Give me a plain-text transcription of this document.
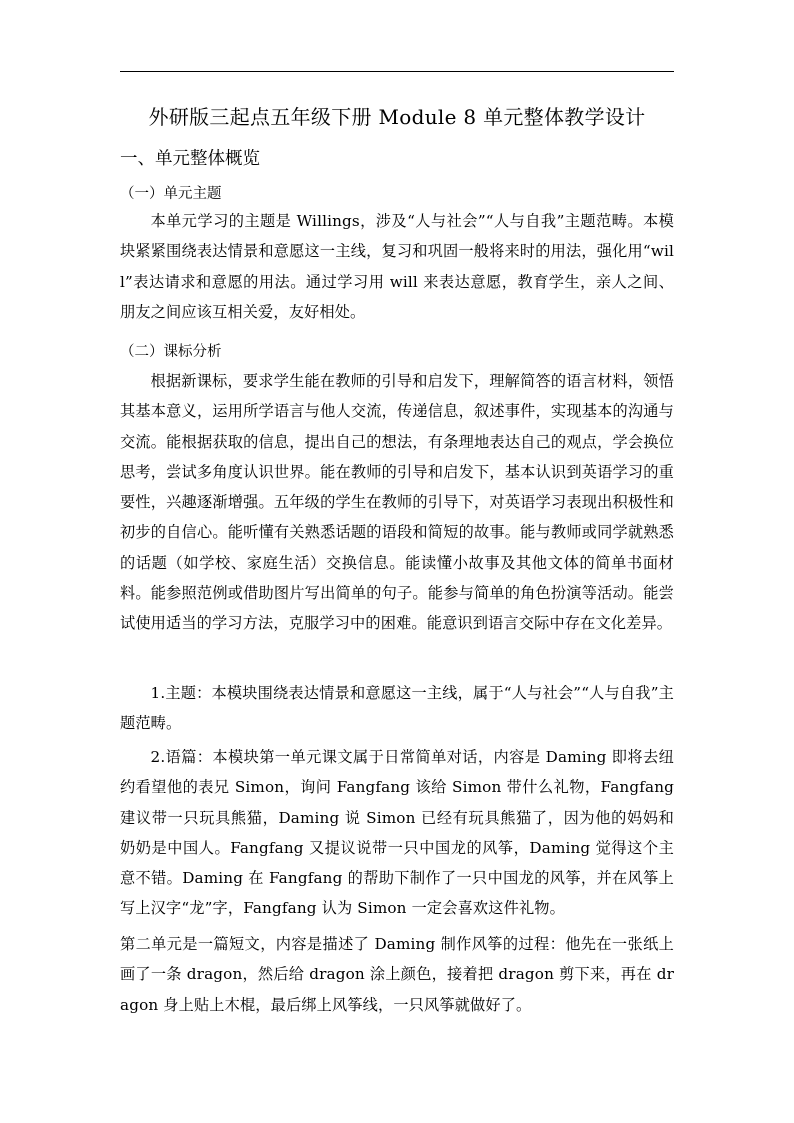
外研版三起点五年级下册 Module 8 单元整体教学设计
一、单元整体概览
（一）单元主题
本单元学习的主题是 Willings，涉及“人与社会”“人与自我”主题范畴。本模块紧紧围绕表达情景和意愿这一主线，复习和巩固一般将来时的用法，强化用“will”表达请求和意愿的用法。通过学习用 will 来表达意愿，教育学生，亲人之间、朋友之间应该互相关爱，友好相处。
（二）课标分析
根据新课标，要求学生能在教师的引导和启发下，理解简答的语言材料，领悟其基本意义，运用所学语言与他人交流，传递信息，叙述事件，实现基本的沟通与交流。能根据获取的信息，提出自己的想法，有条理地表达自己的观点，学会换位思考，尝试多角度认识世界。能在教师的引导和启发下，基本认识到英语学习的重要性，兴趣逐渐增强。五年级的学生在教师的引导下，对英语学习表现出积极性和初步的自信心。能听懂有关熟悉话题的语段和简短的故事。能与教师或同学就熟悉的话题（如学校、家庭生活）交换信息。能读懂小故事及其他文体的简单书面材料。能参照范例或借助图片写出简单的句子。能参与简单的角色扮演等活动。能尝试使用适当的学习方法，克服学习中的困难。能意识到语言交际中存在文化差异。
1.主题：本模块围绕表达情景和意愿这一主线，属于“人与社会”“人与自我”主题范畴。
2.语篇：本模块第一单元课文属于日常简单对话，内容是 Daming 即将去纽约看望他的表兄 Simon，询问 Fangfang 该给 Simon 带什么礼物，Fangfang 建议带一只玩具熊猫，Daming 说 Simon 已经有玩具熊猫了，因为他的妈妈和奶奶是中国人。Fangfang 又提议说带一只中国龙的风筝，Daming 觉得这个主意不错。Daming 在 Fangfang 的帮助下制作了一只中国龙的风筝，并在风筝上写上汉字“龙”字，Fangfang 认为 Simon 一定会喜欢这件礼物。
第二单元是一篇短文，内容是描述了 Daming 制作风筝的过程：他先在一张纸上画了一条 dragon，然后给 dragon 涂上颜色，接着把 dragon 剪下来，再在 dragon 身上贴上木棍，最后绑上风筝线，一只风筝就做好了。
